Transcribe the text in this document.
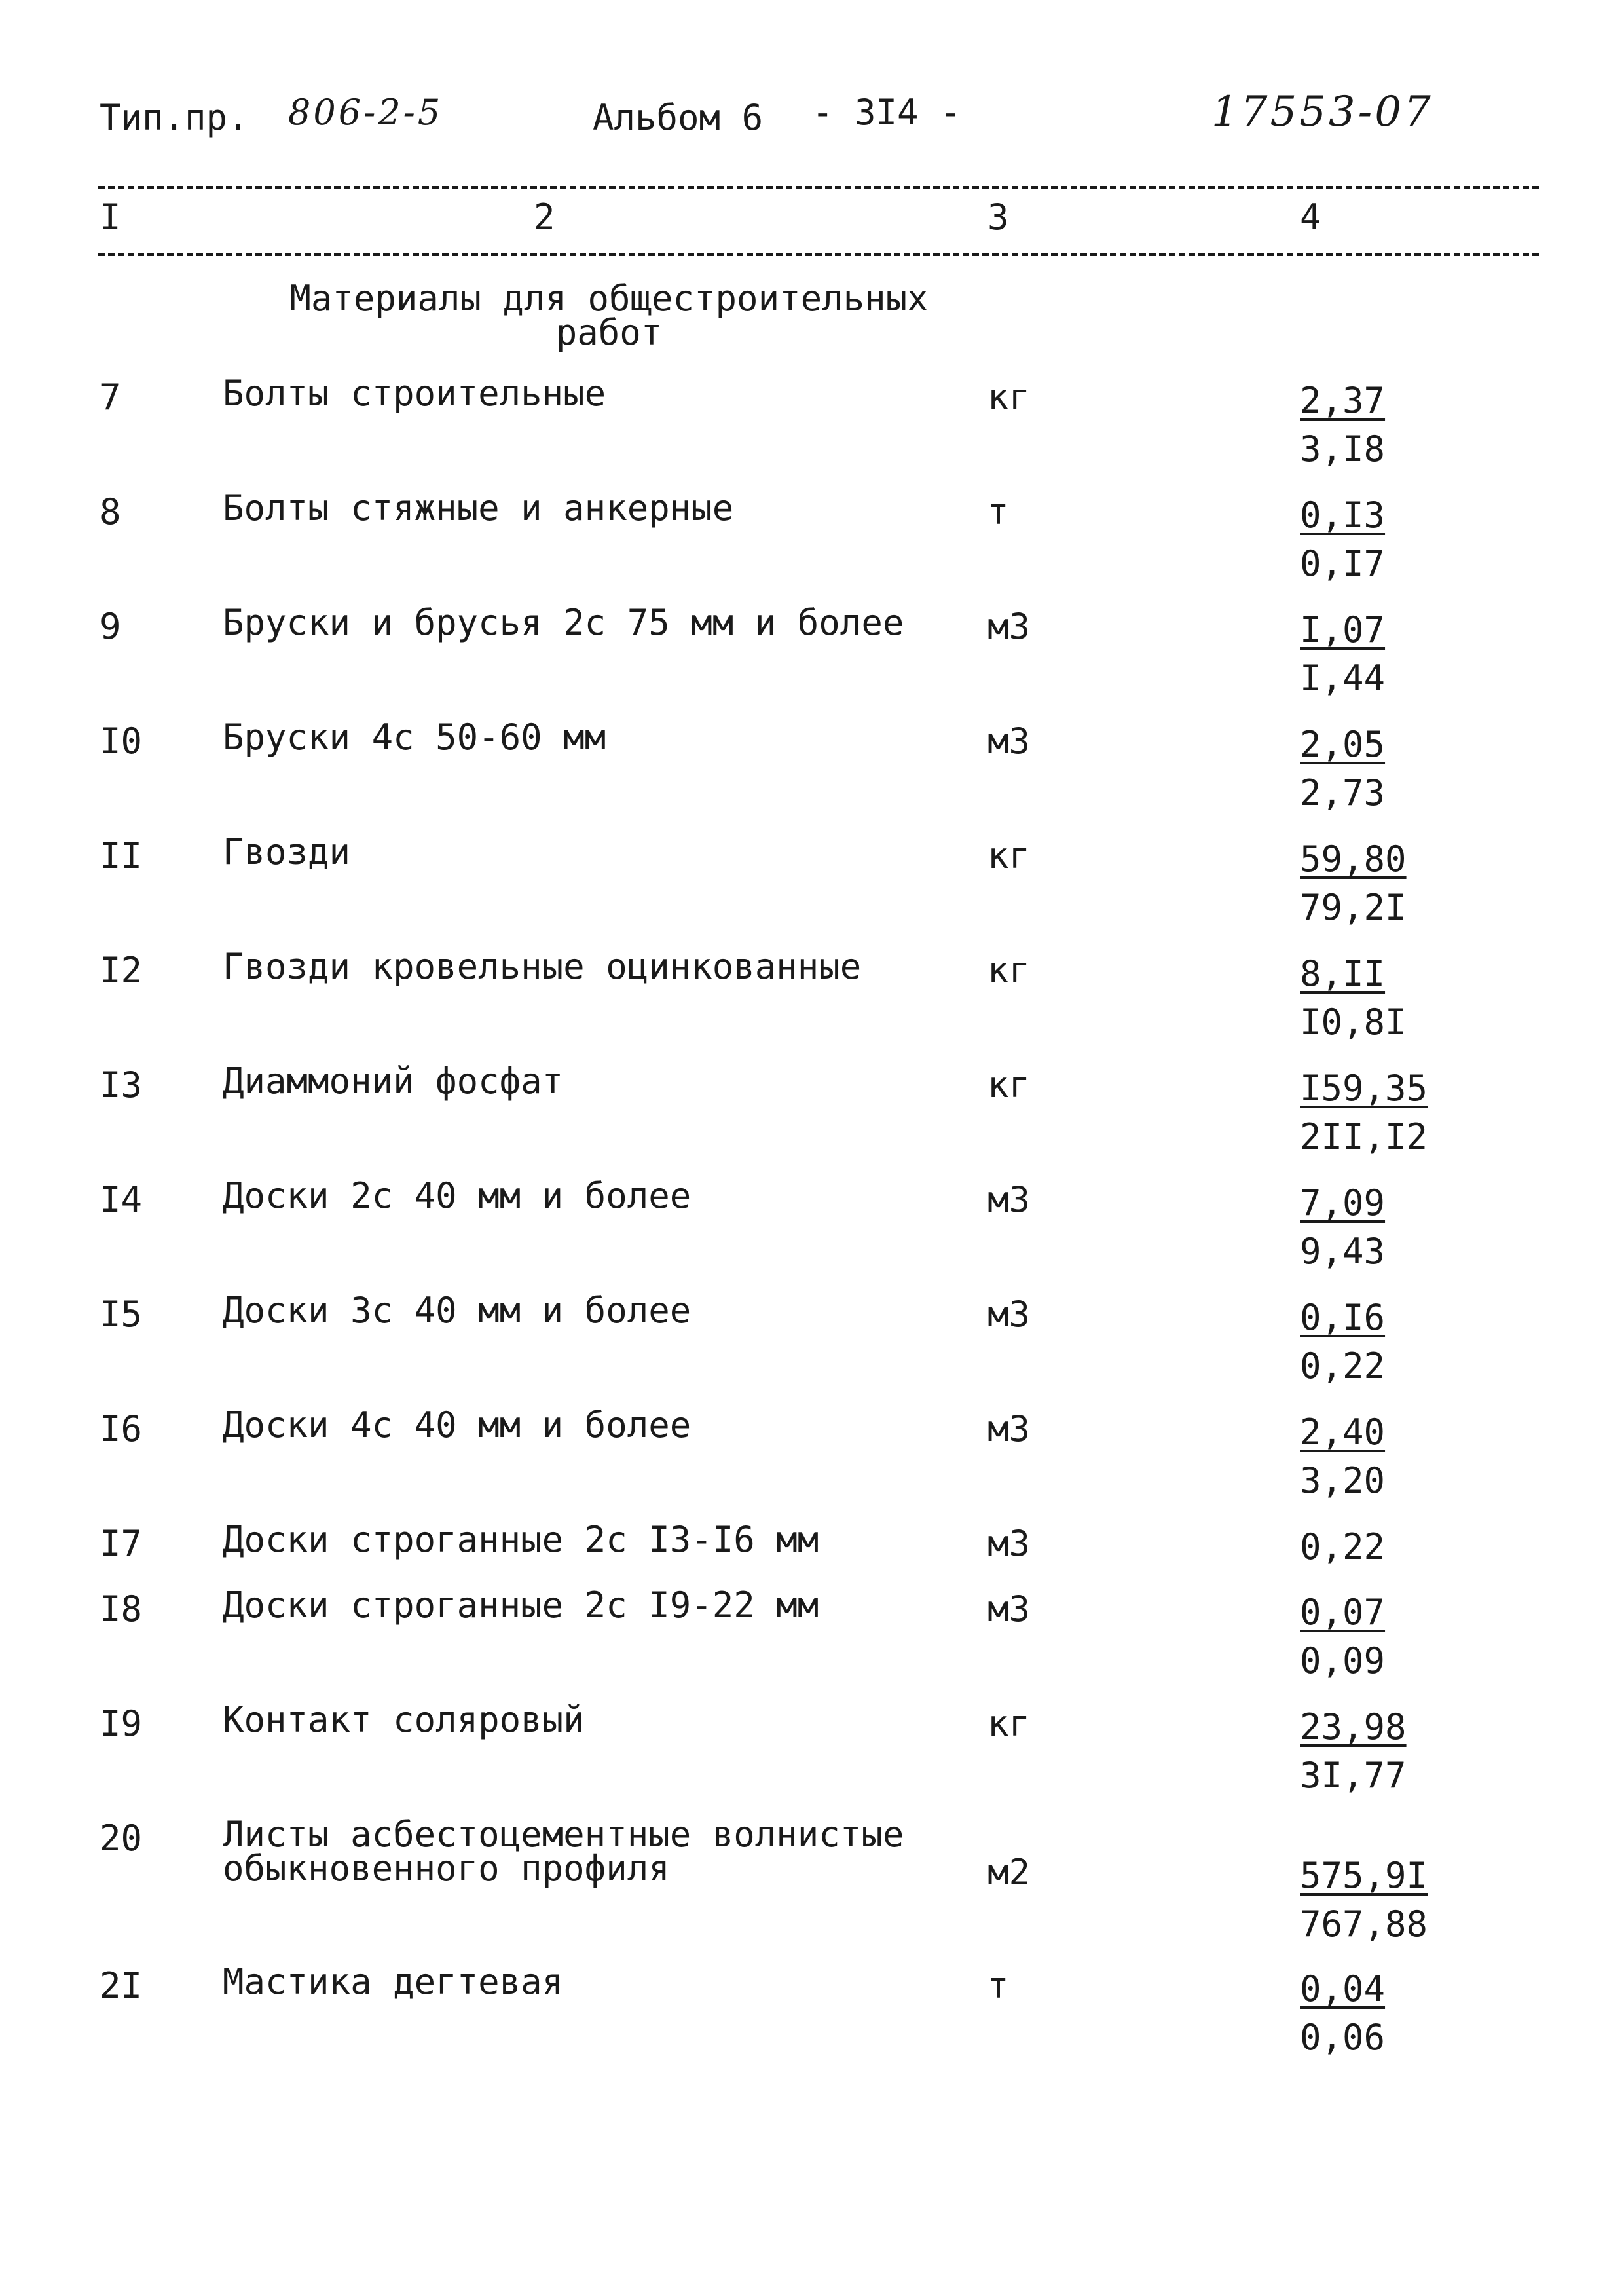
Тип.пр. 806-2-5	Альбом 6 - 3I4 -	17553-07
I	2	3	4
Материалы для общестроительных
работ
7	Болты строительные	кг	2,37
3,I8
8	Болты стяжные и анкерные	т	0,I3
0,I7
9	Бруски и брусья 2с 75 мм и более м3	I,07
I,44
I0 Бруски 4с 50-60 мм	м3	2,05
2,73
II Гвозди	кг	59,80
79,2I
I2 Гвозди кровельные оцинкованные	кг	8,II
I0,8I
I3 Диаммоний фосфат	кг	I59,35
2II,I2
I4 Доски 2с 40 мм и более	м3	7,09
9,43
I5 Доски 3с 40 мм и более	м3	0,I6
0,22
I6 Доски 4с 40 мм и более	м3	2,40
3,20
I7 Доски строганные 2с I3-I6 мм	м3	0,22
I8 Доски строганные 2с I9-22 мм	м3	0,07
0,09
I9 Контакт соляровый	кг	23,98
3I,77
20 Листы асбестоцементные волнистые
обыкновенного профиля	м2	575,9I
767,88
2I Мастика дегтевая	т	0,04
0,06
